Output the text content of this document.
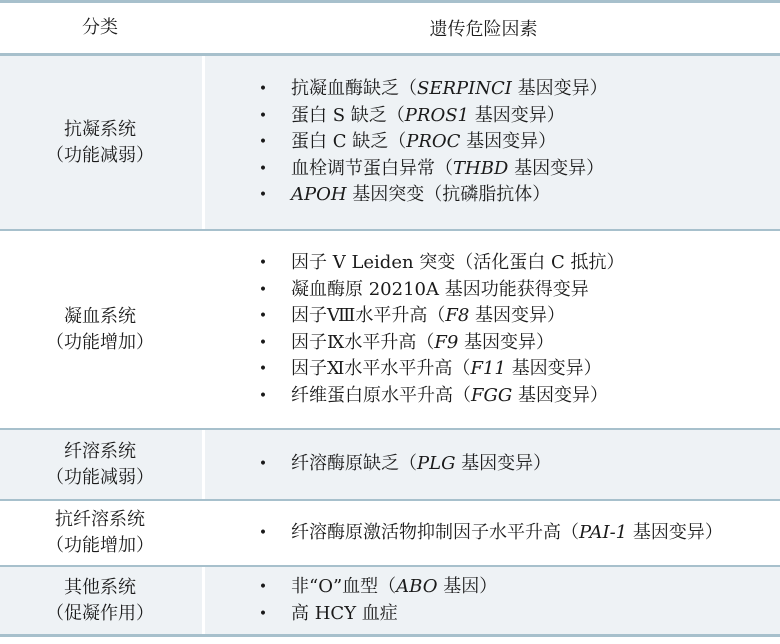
分类	遗传危险因素
抗凝系统
（功能减弱）
•	抗凝血酶缺乏（SERPINCI 基因变异）
•	蛋白 S 缺乏（PROS1 基因变异）
•	蛋白 C 缺乏（PROC 基因变异）
•	血栓调节蛋白异常（THBD 基因变异）
•	APOH 基因突变（抗磷脂抗体）
凝血系统
（功能增加）
•	因子 V Leiden 突变（活化蛋白 C 抵抗）
•	凝血酶原 20210A 基因功能获得变异
•	因子Ⅷ水平升高（F8 基因变异）
•	因子Ⅸ水平升高（F9 基因变异）
•	因子Ⅺ水平水平升高（F11 基因变异）
•	纤维蛋白原水平升高（FGG 基因变异）
纤溶系统
（功能减弱）
•	纤溶酶原缺乏（PLG 基因变异）
抗纤溶系统
（功能增加）
•	纤溶酶原激活物抑制因子水平升高（PAI-1 基因变异）
其他系统
（促凝作用）
•	非“O”血型（ABO 基因）
•	高 HCY 血症
